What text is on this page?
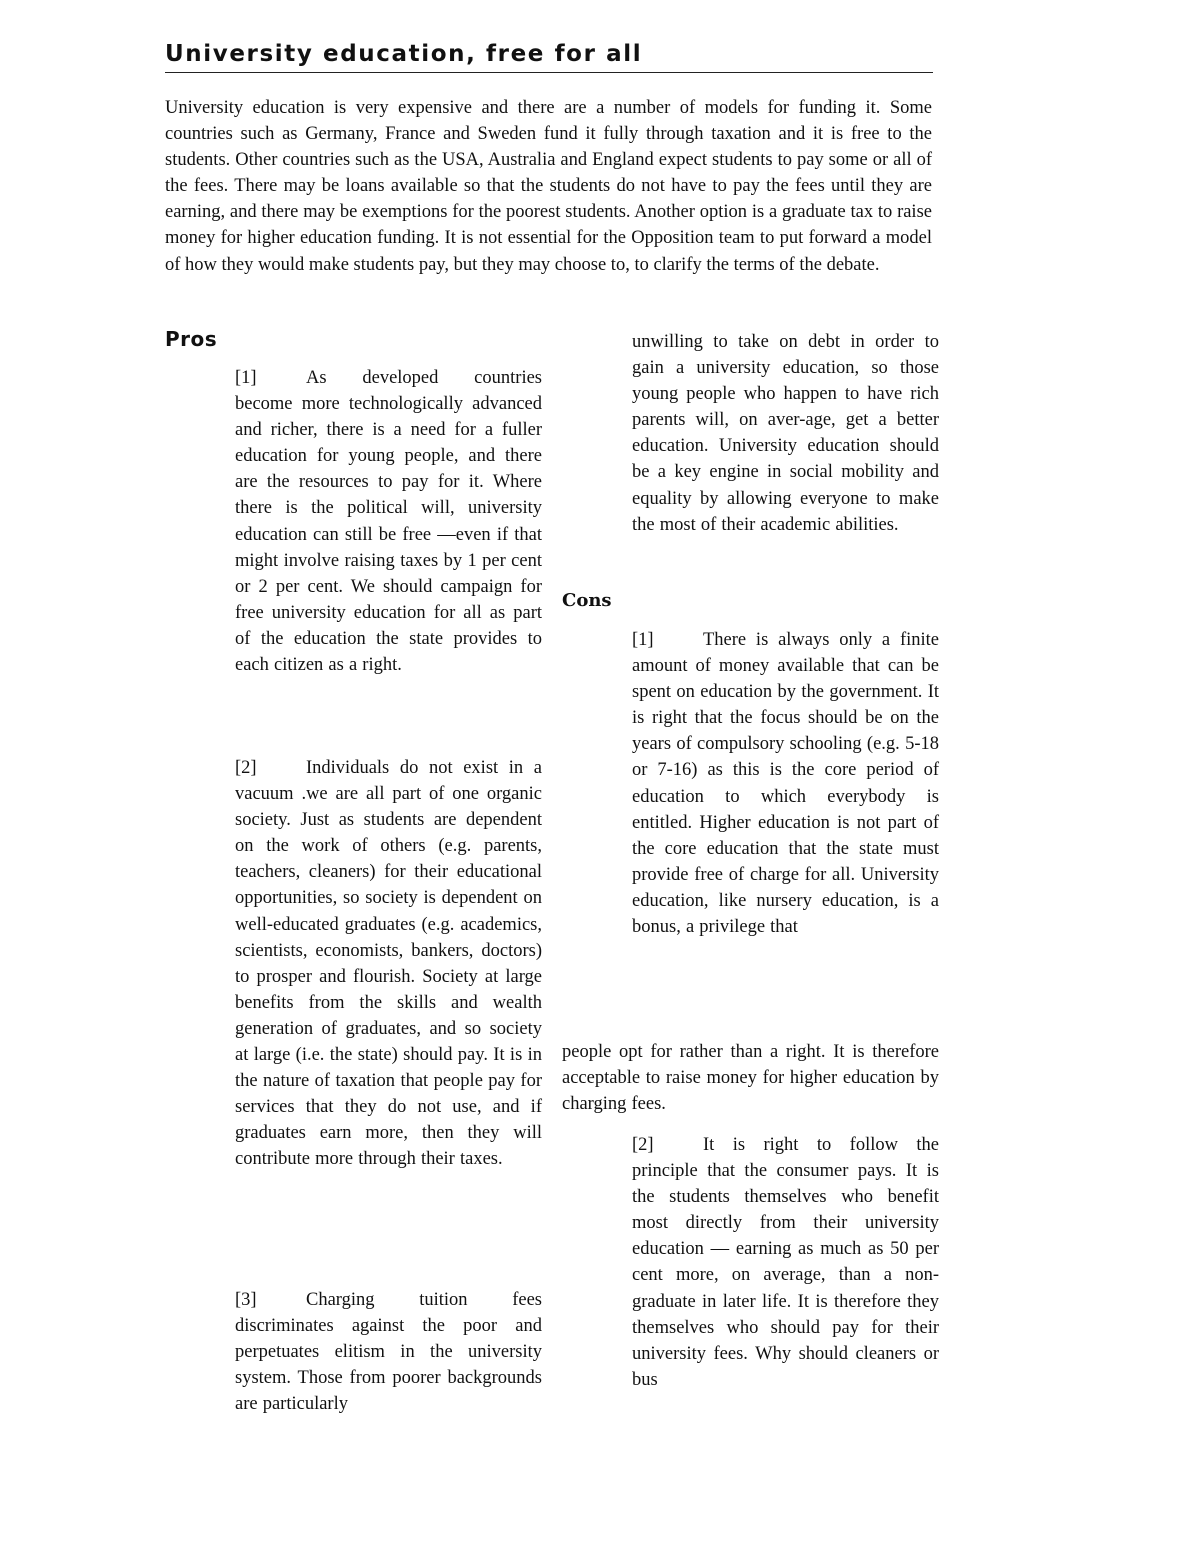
University education, free for all

University education is very expensive and there are a number of models for funding it. Some countries such as Germany, France and Sweden fund it fully through taxation and it is free to the students. Other countries such as the USA, Australia and England expect students to pay some or all of the fees. There may be loans available so that the students do not have to pay the fees until they are earning, and there may be exemptions for the poorest students. Another option is a graduate tax to raise money for higher education funding. It is not essential for the Opposition team to put forward a model of how they would make students pay, but they may choose to, to clarify the terms of the debate.

Pros

[1]	As developed countries become more technologically advanced and richer, there is a need for a fuller education for young people, and there are the resources to pay for it. Where there is the political will, university education can still be free —even if that might involve raising taxes by 1 per cent or 2 per cent. We should campaign for free university education for all as part of the education the state provides to each citizen as a right.

[2]	Individuals do not exist in a vacuum .we are all part of one organic society. Just as students are dependent on the work of others (e.g. parents, teachers, cleaners) for their educational opportunities, so society is dependent on well-educated graduates (e.g. academics, scientists, economists, bankers, doctors) to prosper and flourish. Society at large benefits from the skills and wealth generation of graduates, and so society at large (i.e. the state) should pay. It is in the nature of taxation that people pay for services that they do not use, and if graduates earn more, then they will contribute more through their taxes.

[3]	Charging tuition fees discriminates against the poor and perpetuates elitism in the university system. Those from poorer backgrounds are particularly

unwilling to take on debt in order to gain a university education, so those young people who happen to have rich parents will, on aver-age, get a better education. University education should be a key engine in social mobility and equality by allowing everyone to make the most of their academic abilities.

Cons

[1]	There is always only a finite amount of money available that can be spent on education by the government. It is right that the focus should be on the years of compulsory schooling (e.g. 5-18 or 7-16) as this is the core period of education to which everybody is entitled. Higher education is not part of the core education that the state must provide free of charge for all. University education, like nursery education, is a bonus, a privilege that

people opt for rather than a right. It is therefore acceptable to raise money for higher education by charging fees.

[2]	It is right to follow the principle that the consumer pays. It is the students themselves who benefit most directly from their university education — earning as much as 50 per cent more, on average, than a non-graduate in later life. It is therefore they themselves who should pay for their university fees. Why should cleaners or bus
